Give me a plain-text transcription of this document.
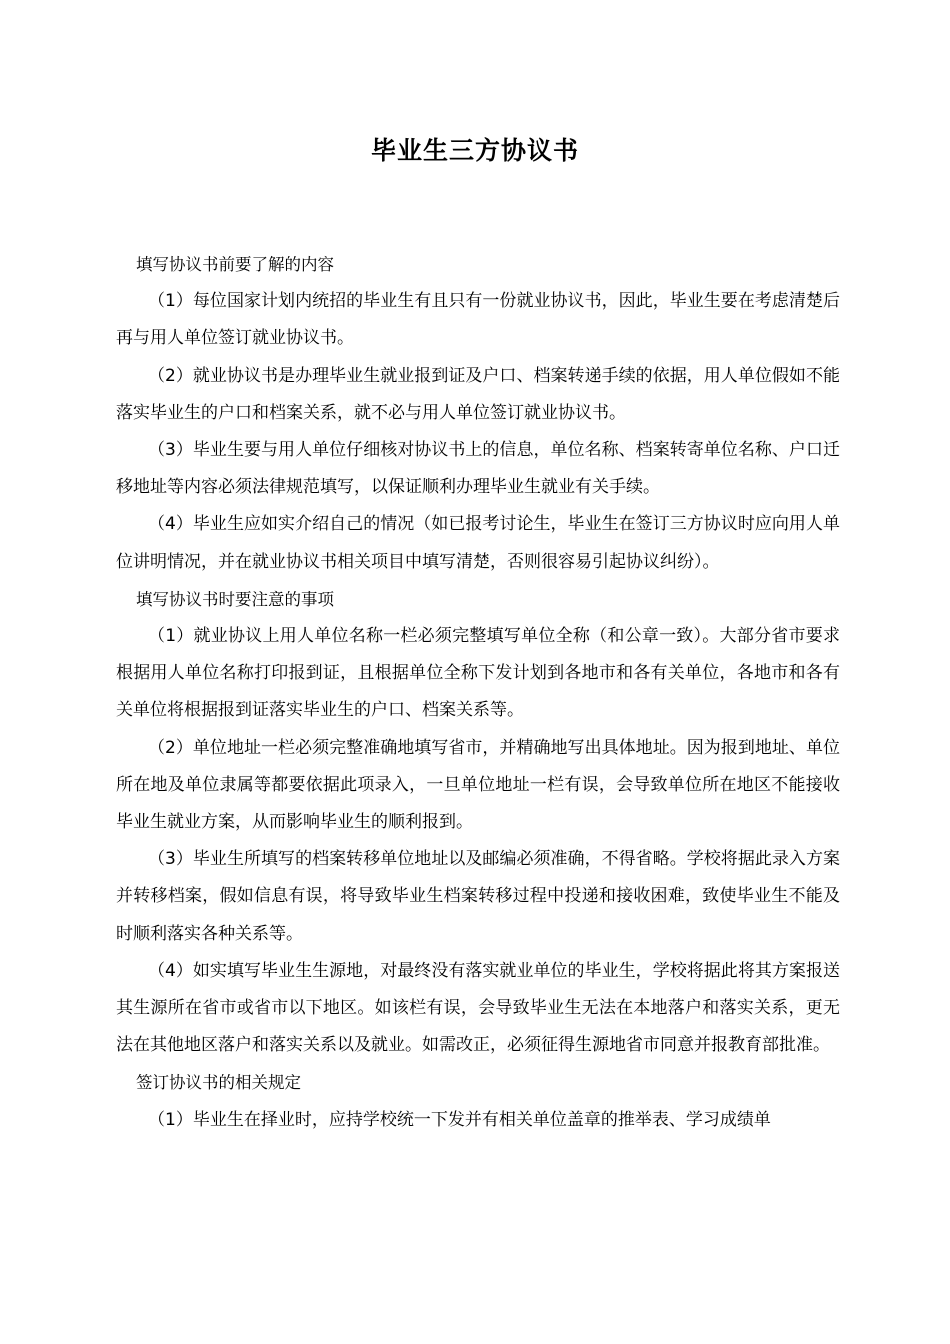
毕业生三方协议书
填写协议书前要了解的内容

（1）每位国家计划内统招的毕业生有且只有一份就业协议书，因此，毕业生要在考虑清楚后再与用人单位签订就业协议书。

（2）就业协议书是办理毕业生就业报到证及户口、档案转递手续的依据，用人单位假如不能落实毕业生的户口和档案关系，就不必与用人单位签订就业协议书。

（3）毕业生要与用人单位仔细核对协议书上的信息，单位名称、档案转寄单位名称、户口迁移地址等内容必须法律规范填写，以保证顺利办理毕业生就业有关手续。

（4）毕业生应如实介绍自己的情况（如已报考讨论生，毕业生在签订三方协议时应向用人单位讲明情况，并在就业协议书相关项目中填写清楚，否则很容易引起协议纠纷）。

填写协议书时要注意的事项

（1）就业协议上用人单位名称一栏必须完整填写单位全称（和公章一致）。大部分省市要求根据用人单位名称打印报到证，且根据单位全称下发计划到各地市和各有关单位，各地市和各有关单位将根据报到证落实毕业生的户口、档案关系等。

（2）单位地址一栏必须完整准确地填写省市，并精确地写出具体地址。因为报到地址、单位所在地及单位隶属等都要依据此项录入，一旦单位地址一栏有误，会导致单位所在地区不能接收毕业生就业方案，从而影响毕业生的顺利报到。

（3）毕业生所填写的档案转移单位地址以及邮编必须准确，不得省略。学校将据此录入方案并转移档案，假如信息有误，将导致毕业生档案转移过程中投递和接收困难，致使毕业生不能及时顺利落实各种关系等。

（4）如实填写毕业生生源地，对最终没有落实就业单位的毕业生，学校将据此将其方案报送其生源所在省市或省市以下地区。如该栏有误，会导致毕业生无法在本地落户和落实关系，更无法在其他地区落户和落实关系以及就业。如需改正，必须征得生源地省市同意并报教育部批准。

签订协议书的相关规定

（1）毕业生在择业时，应持学校统一下发并有相关单位盖章的推举表、学习成绩单
